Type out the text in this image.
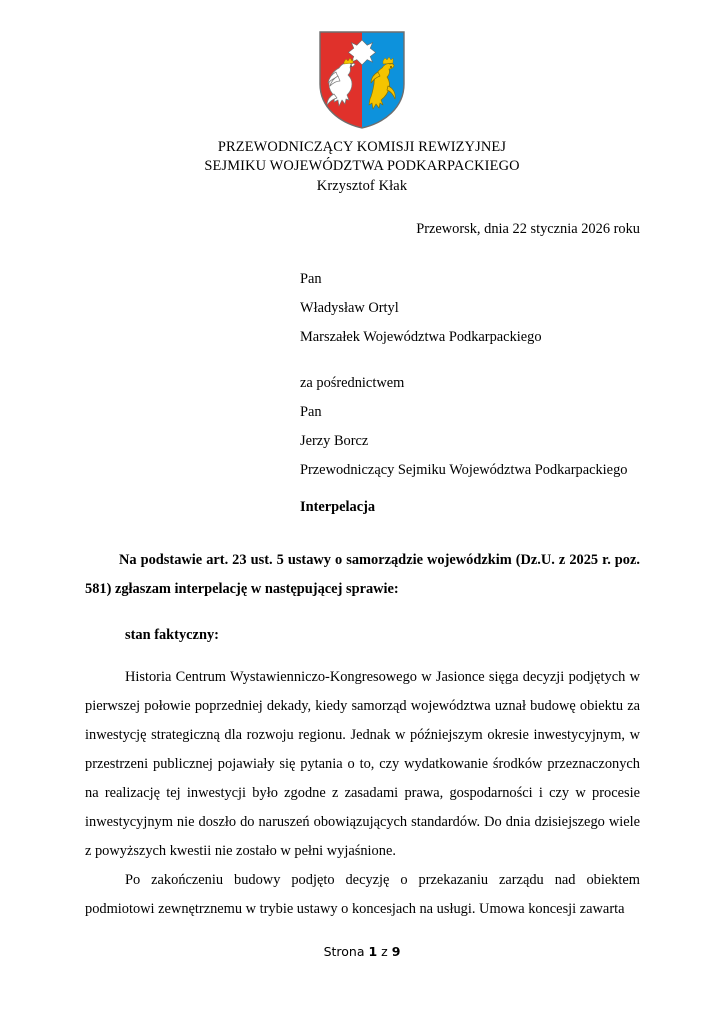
PRZEWODNICZĄCY KOMISJI REWIZYJNEJ
SEJMIKU WOJEWÓDZTWA PODKARPACKIEGO
Krzysztof Kłak
Przeworsk, dnia 22 stycznia 2026 roku
Pan
Władysław Ortyl
Marszałek Województwa Podkarpackiego
za pośrednictwem
Pan
Jerzy Borcz
Przewodniczący Sejmiku Województwa Podkarpackiego
Interpelacja
Na podstawie art. 23 ust. 5 ustawy o samorządzie wojewódzkim (Dz.U. z 2025 r. poz. 581) zgłaszam interpelację w następującej sprawie:
stan faktyczny:

Historia Centrum Wystawienniczo-Kongresowego w Jasionce sięga decyzji podjętych w pierwszej połowie poprzedniej dekady, kiedy samorząd województwa uznał budowę obiektu za inwestycję strategiczną dla rozwoju regionu. Jednak w późniejszym okresie inwestycyjnym, w przestrzeni publicznej pojawiały się pytania o to, czy wydatkowanie środków przeznaczonych na realizację tej inwestycji było zgodne z zasadami prawa, gospodarności i czy w procesie inwestycyjnym nie doszło do naruszeń obowiązujących standardów. Do dnia dzisiejszego wiele z powyższych kwestii nie zostało w pełni wyjaśnione.

Po zakończeniu budowy podjęto decyzję o przekazaniu zarządu nad obiektem podmiotowi zewnętrznemu w trybie ustawy o koncesjach na usługi. Umowa koncesji zawarta

Strona 1 z 9
